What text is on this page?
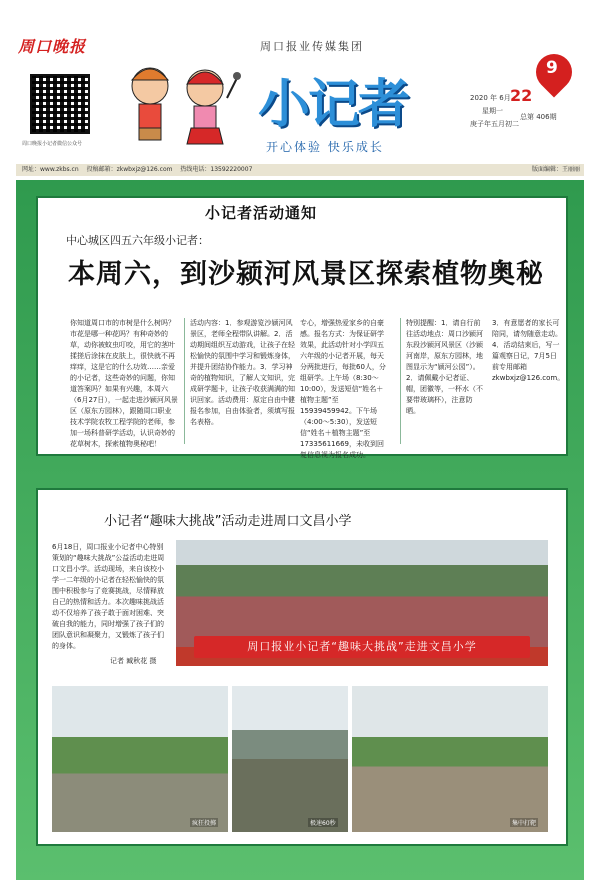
周口晚报	周口报业传媒集团
周口晚报小记者微信公众号
小记者
开心体验 快乐成长
9
2020 年 6月
星期一
庚子年五月初二
22
总第 406期
网址：www.zkbs.cn 投稿邮箱：zkwbxjz@126.com 热线电话：13592220007	版面编辑：王丽丽
小记者活动通知
中心城区四五六年级小记者：
本周六，到沙颍河风景区探索植物奥秘
你知道周口市的市树是什么树吗？市花是哪一种花吗？有种奇妙的草，动你被蚊虫叮咬，用它的茎叶揉搓后涂抹在皮肤上，很快就不再痒痒，这是它的什么功效……亲爱的小记者，这些奇妙的问题，你知道答案吗？如果有兴趣，本周六（6月27日），一起走进沙颍河风景区（原东方园林），跟随周口职业技术学院农牧工程学院的老师，参加一场科普研学活动，认识奇妙的花草树木，探索植物奥秘吧！
活动内容：1．参观游览沙颍河风景区，老师全程带队讲解。2．活动期间组织互动游戏，让孩子在轻松愉快的氛围中学习和锻炼身体，并提升团结协作能力。3．学习神奇的植物知识，了解人文知识，完成研学题卡，让孩子收获满满的知识回家。活动费用：原定自由中健报名参加，自由体验者，须填写报名表格。
专心，增强热爱家乡的自豪感。报名方式：为保证研学效果，此活动针对小学四五六年级的小记者开展，每天分两批进行，每批60人，分组研学。上午场（8:30～10:00），发送短信“姓名＋植物主题”至15939459942。下午场（4:00～5:30），发送短信“姓名＋植物主题”至17335611669，未收到回复信息视为报名成功。
特别提醒：1．请自行前往活动地点：周口沙颍河东段沙颍河风景区（沙颍河南岸，原东方园林，地图显示为“颍河公园”）。2．请佩戴小记者证、帽，团徽等，一杯水（不要带玻璃杯），注意防晒。
3．有意愿者的家长可陪同，请勿随意走动。4．活动结束后，写一篇观察日记，7月5日前专用邮箱 zkwbxjz@126.com。
小记者“趣味大挑战”活动走进周口文昌小学
6月18日，周口报业小记者中心特别策划的“趣味大挑战”公益活动走进周口文昌小学。活动现场，来自该校小学一二年级的小记者在轻松愉快的氛围中积极参与了竞赛挑战，尽情释放自己的热情和活力。本次趣味挑战活动不仅培养了孩子敢于面对困难、突破自我的能力，同时增强了孩子们的团队意识和凝聚力，又锻炼了孩子们的身体。
记者 臧秋花 摄
周口报业小记者“趣味大挑战”走进文昌小学
疯狂投掷	极速60秒	集中打靶
